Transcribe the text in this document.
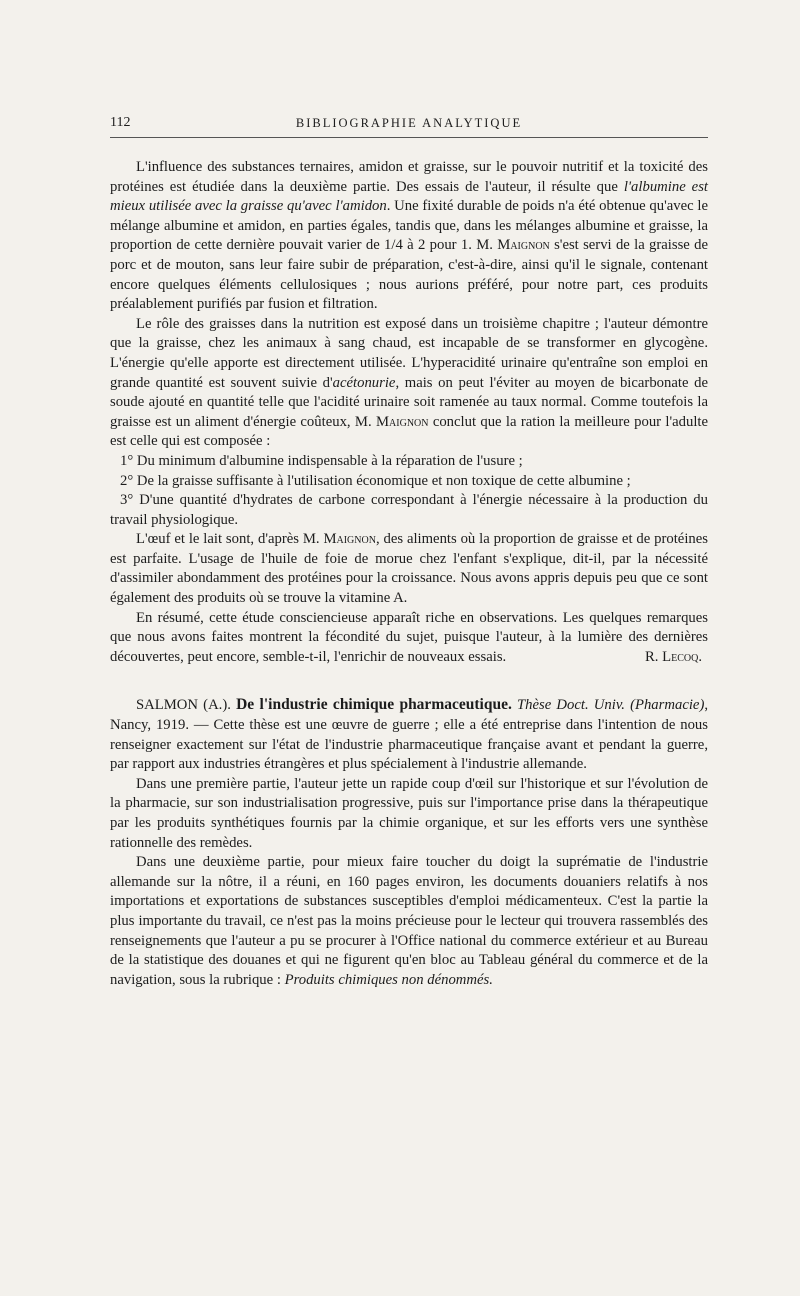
112	BIBLIOGRAPHIE ANALYTIQUE

L'influence des substances ternaires, amidon et graisse, sur le pouvoir nutritif et la toxicité des protéines est étudiée dans la deuxième partie. Des essais de l'auteur, il résulte que l'albumine est mieux utilisée avec la graisse qu'avec l'amidon. Une fixité durable de poids n'a été obtenue qu'avec le mélange albumine et amidon, en parties égales, tandis que, dans les mélanges albumine et graisse, la proportion de cette dernière pouvait varier de 1/4 à 2 pour 1. M. Maignon s'est servi de la graisse de porc et de mouton, sans leur faire subir de préparation, c'est-à-dire, ainsi qu'il le signale, contenant encore quelques éléments cellulosiques ; nous aurions préféré, pour notre part, ces produits préalablement purifiés par fusion et filtration.

Le rôle des graisses dans la nutrition est exposé dans un troisième chapitre ; l'auteur démontre que la graisse, chez les animaux à sang chaud, est incapable de se transformer en glycogène. L'énergie qu'elle apporte est directement utilisée. L'hyperacidité urinaire qu'entraîne son emploi en grande quantité est souvent suivie d'acétonurie, mais on peut l'éviter au moyen de bicarbonate de soude ajouté en quantité telle que l'acidité urinaire soit ramenée au taux normal. Comme toutefois la graisse est un aliment d'énergie coûteux, M. Maignon conclut que la ration la meilleure pour l'adulte est celle qui est composée :

1° Du minimum d'albumine indispensable à la réparation de l'usure ;

2° De la graisse suffisante à l'utilisation économique et non toxique de cette albumine ;

3° D'une quantité d'hydrates de carbone correspondant à l'énergie nécessaire à la production du travail physiologique.

L'œuf et le lait sont, d'après M. Maignon, des aliments où la proportion de graisse et de protéines est parfaite. L'usage de l'huile de foie de morue chez l'enfant s'explique, dit-il, par la nécessité d'assimiler abondamment des protéines pour la croissance. Nous avons appris depuis peu que ce sont également des produits où se trouve la vitamine A.

En résumé, cette étude consciencieuse apparaît riche en observations. Les quelques remarques que nous avons faites montrent la fécondité du sujet, puisque l'auteur, à la lumière des dernières découvertes, peut encore, semble-t-il, l'enrichir de nouveaux essais.	R. Lecoq.

SALMON (A.). De l'industrie chimique pharmaceutique. Thèse Doct. Univ. (Pharmacie), Nancy, 1919. — Cette thèse est une œuvre de guerre ; elle a été entreprise dans l'intention de nous renseigner exactement sur l'état de l'industrie pharmaceutique française avant et pendant la guerre, par rapport aux industries étrangères et plus spécialement à l'industrie allemande.

Dans une première partie, l'auteur jette un rapide coup d'œil sur l'historique et sur l'évolution de la pharmacie, sur son industrialisation progressive, puis sur l'importance prise dans la thérapeutique par les produits synthétiques fournis par la chimie organique, et sur les efforts vers une synthèse rationnelle des remèdes.

Dans une deuxième partie, pour mieux faire toucher du doigt la suprématie de l'industrie allemande sur la nôtre, il a réuni, en 160 pages environ, les documents douaniers relatifs à nos importations et exportations de substances susceptibles d'emploi médicamenteux. C'est la partie la plus importante du travail, ce n'est pas la moins précieuse pour le lecteur qui trouvera rassemblés des renseignements que l'auteur a pu se procurer à l'Office national du commerce extérieur et au Bureau de la statistique des douanes et qui ne figurent qu'en bloc au Tableau général du commerce et de la navigation, sous la rubrique : Produits chimiques non dénommés.
